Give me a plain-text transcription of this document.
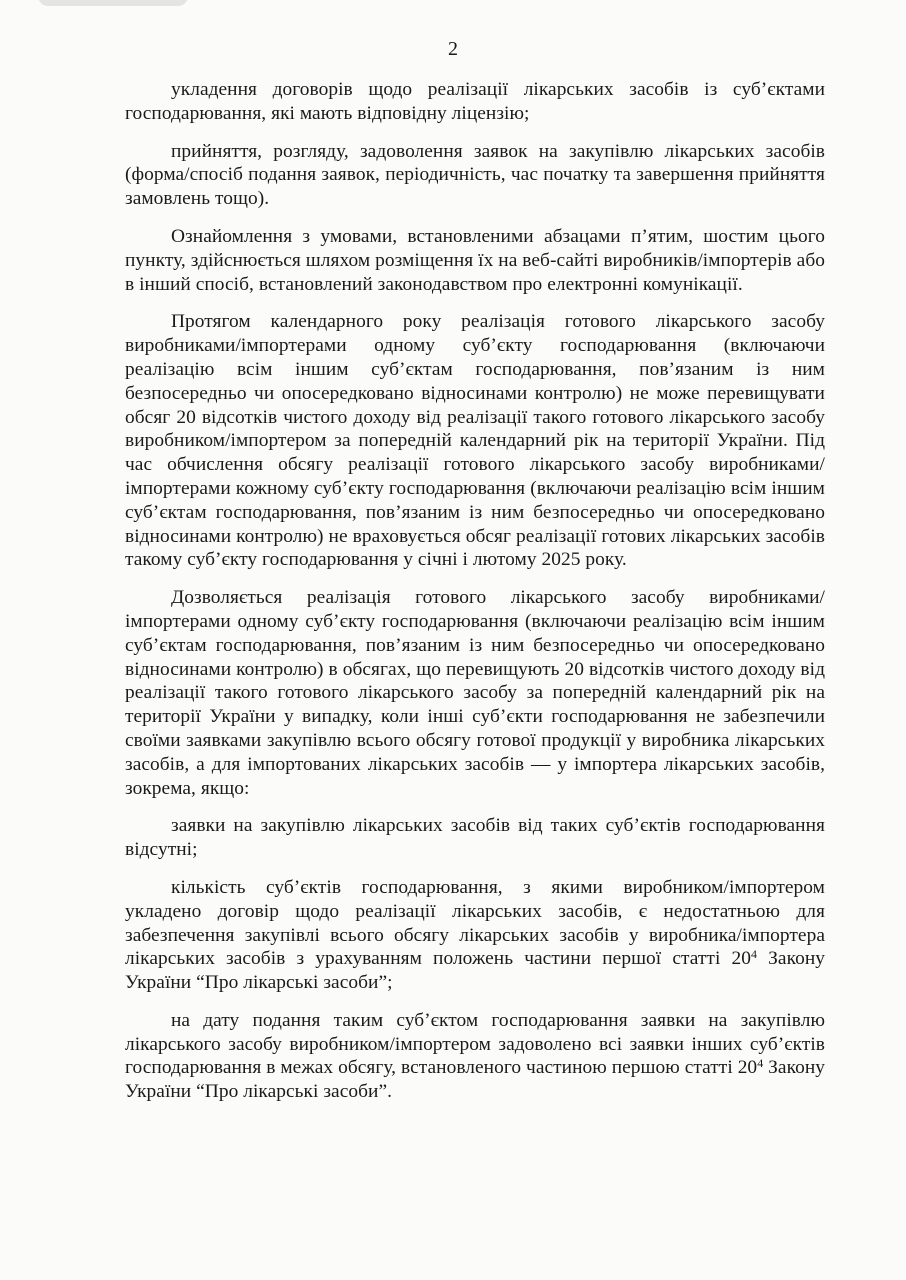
2

укладення договорів щодо реалізації лікарських засобів із суб’єктами господарювання, які мають відповідну ліцензію;

прийняття, розгляду, задоволення заявок на закупівлю лікарських засобів (форма/спосіб подання заявок, періодичність, час початку та завершення прийняття замовлень тощо).

Ознайомлення з умовами, встановленими абзацами п’ятим, шостим цього пункту, здійснюється шляхом розміщення їх на веб-сайті виробників/імпортерів або в інший спосіб, встановлений законодавством про електронні комунікації.

Протягом календарного року реалізація готового лікарського засобу виробниками/імпортерами одному суб’єкту господарювання (включаючи реалізацію всім іншим суб’єктам господарювання, пов’язаним із ним безпосередньо чи опосередковано відносинами контролю) не може перевищувати обсяг 20 відсотків чистого доходу від реалізації такого готового лікарського засобу виробником/імпортером за попередній календарний рік на території України. Під час обчислення обсягу реалізації готового лікарського засобу виробниками/імпортерами кожному суб’єкту господарювання (включаючи реалізацію всім іншим суб’єктам господарювання, пов’язаним із ним безпосередньо чи опосередковано відносинами контролю) не враховується обсяг реалізації готових лікарських засобів такому суб’єкту господарювання у січні і лютому 2025 року.

Дозволяється реалізація готового лікарського засобу виробниками/імпортерами одному суб’єкту господарювання (включаючи реалізацію всім іншим суб’єктам господарювання, пов’язаним із ним безпосередньо чи опосередковано відносинами контролю) в обсягах, що перевищують 20 відсотків чистого доходу від реалізації такого готового лікарського засобу за попередній календарний рік на території України у випадку, коли інші суб’єкти господарювання не забезпечили своїми заявками закупівлю всього обсягу готової продукції у виробника лікарських засобів, а для імпортованих лікарських засобів — у імпортера лікарських засобів, зокрема, якщо:

заявки на закупівлю лікарських засобів від таких суб’єктів господарювання відсутні;

кількість суб’єктів господарювання, з якими виробником/імпортером укладено договір щодо реалізації лікарських засобів, є недостатньою для забезпечення закупівлі всього обсягу лікарських засобів у виробника/імпортера лікарських засобів з урахуванням положень частини першої статті $20^4$ Закону України “Про лікарські засоби”;

на дату подання таким суб’єктом господарювання заявки на закупівлю лікарського засобу виробником/імпортером задоволено всі заявки інших суб’єктів господарювання в межах обсягу, встановленого частиною першою статті $20^4$ Закону України “Про лікарські засоби”.
